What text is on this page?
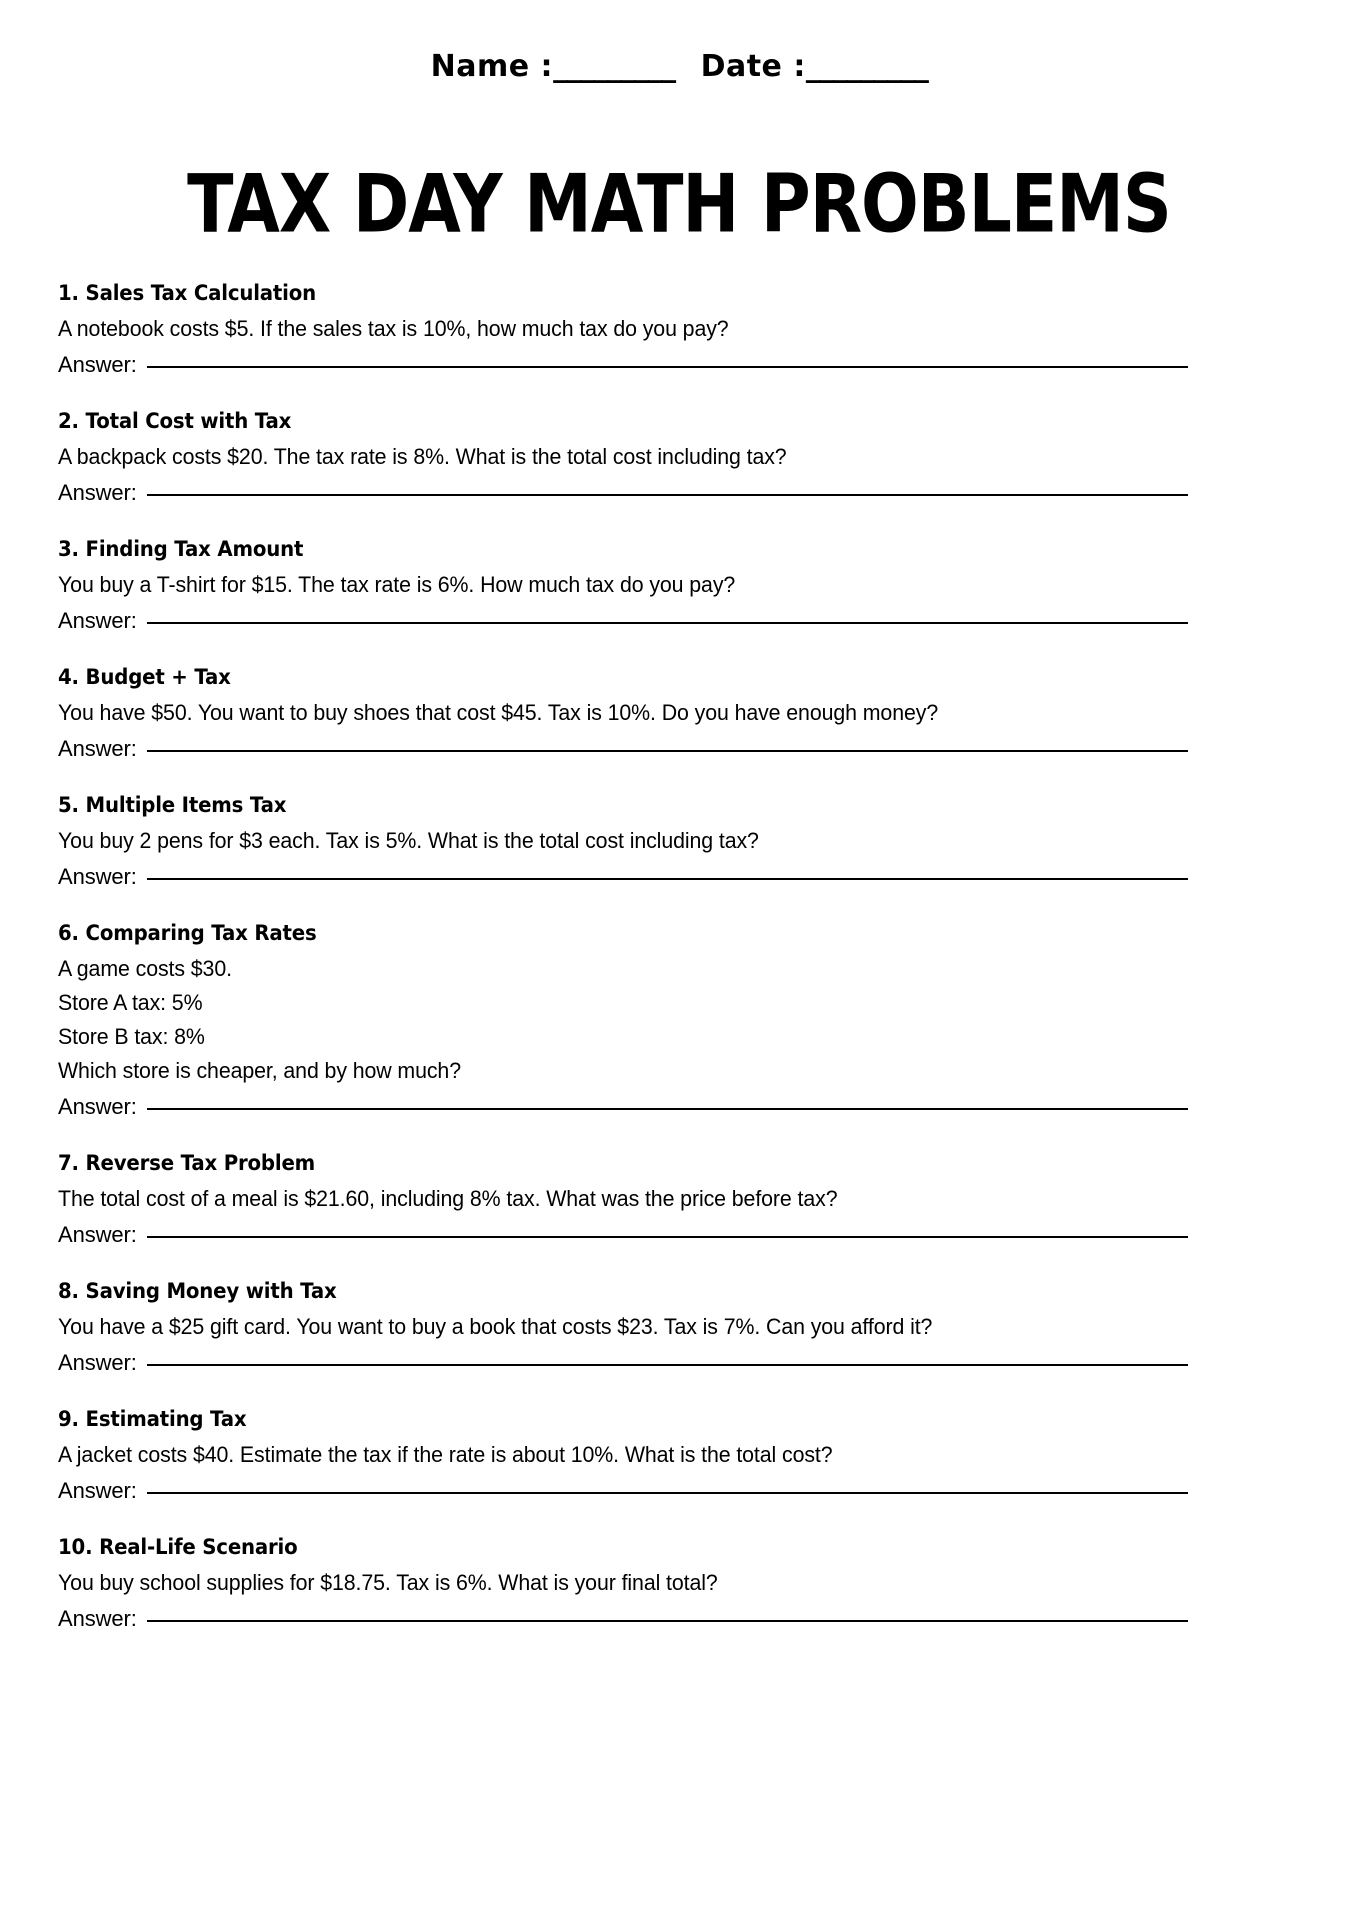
Name :_________ Date :_________
TAX DAY MATH PROBLEMS
1. Sales Tax Calculation
A notebook costs $5. If the sales tax is 10%, how much tax do you pay?
Answer:
2. Total Cost with Tax
A backpack costs $20. The tax rate is 8%. What is the total cost including tax?
Answer:
3. Finding Tax Amount
You buy a T-shirt for $15. The tax rate is 6%. How much tax do you pay?
Answer:
4. Budget + Tax
You have $50. You want to buy shoes that cost $45. Tax is 10%. Do you have enough money?
Answer:
5. Multiple Items Tax
You buy 2 pens for $3 each. Tax is 5%. What is the total cost including tax?
Answer:
6. Comparing Tax Rates
A game costs $30.
Store A tax: 5%
Store B tax: 8%
Which store is cheaper, and by how much?
Answer:
7. Reverse Tax Problem
The total cost of a meal is $21.60, including 8% tax. What was the price before tax?
Answer:
8. Saving Money with Tax
You have a $25 gift card. You want to buy a book that costs $23. Tax is 7%. Can you afford it?
Answer:
9. Estimating Tax
A jacket costs $40. Estimate the tax if the rate is about 10%. What is the total cost?
Answer:
10. Real-Life Scenario
You buy school supplies for $18.75. Tax is 6%. What is your final total?
Answer:
